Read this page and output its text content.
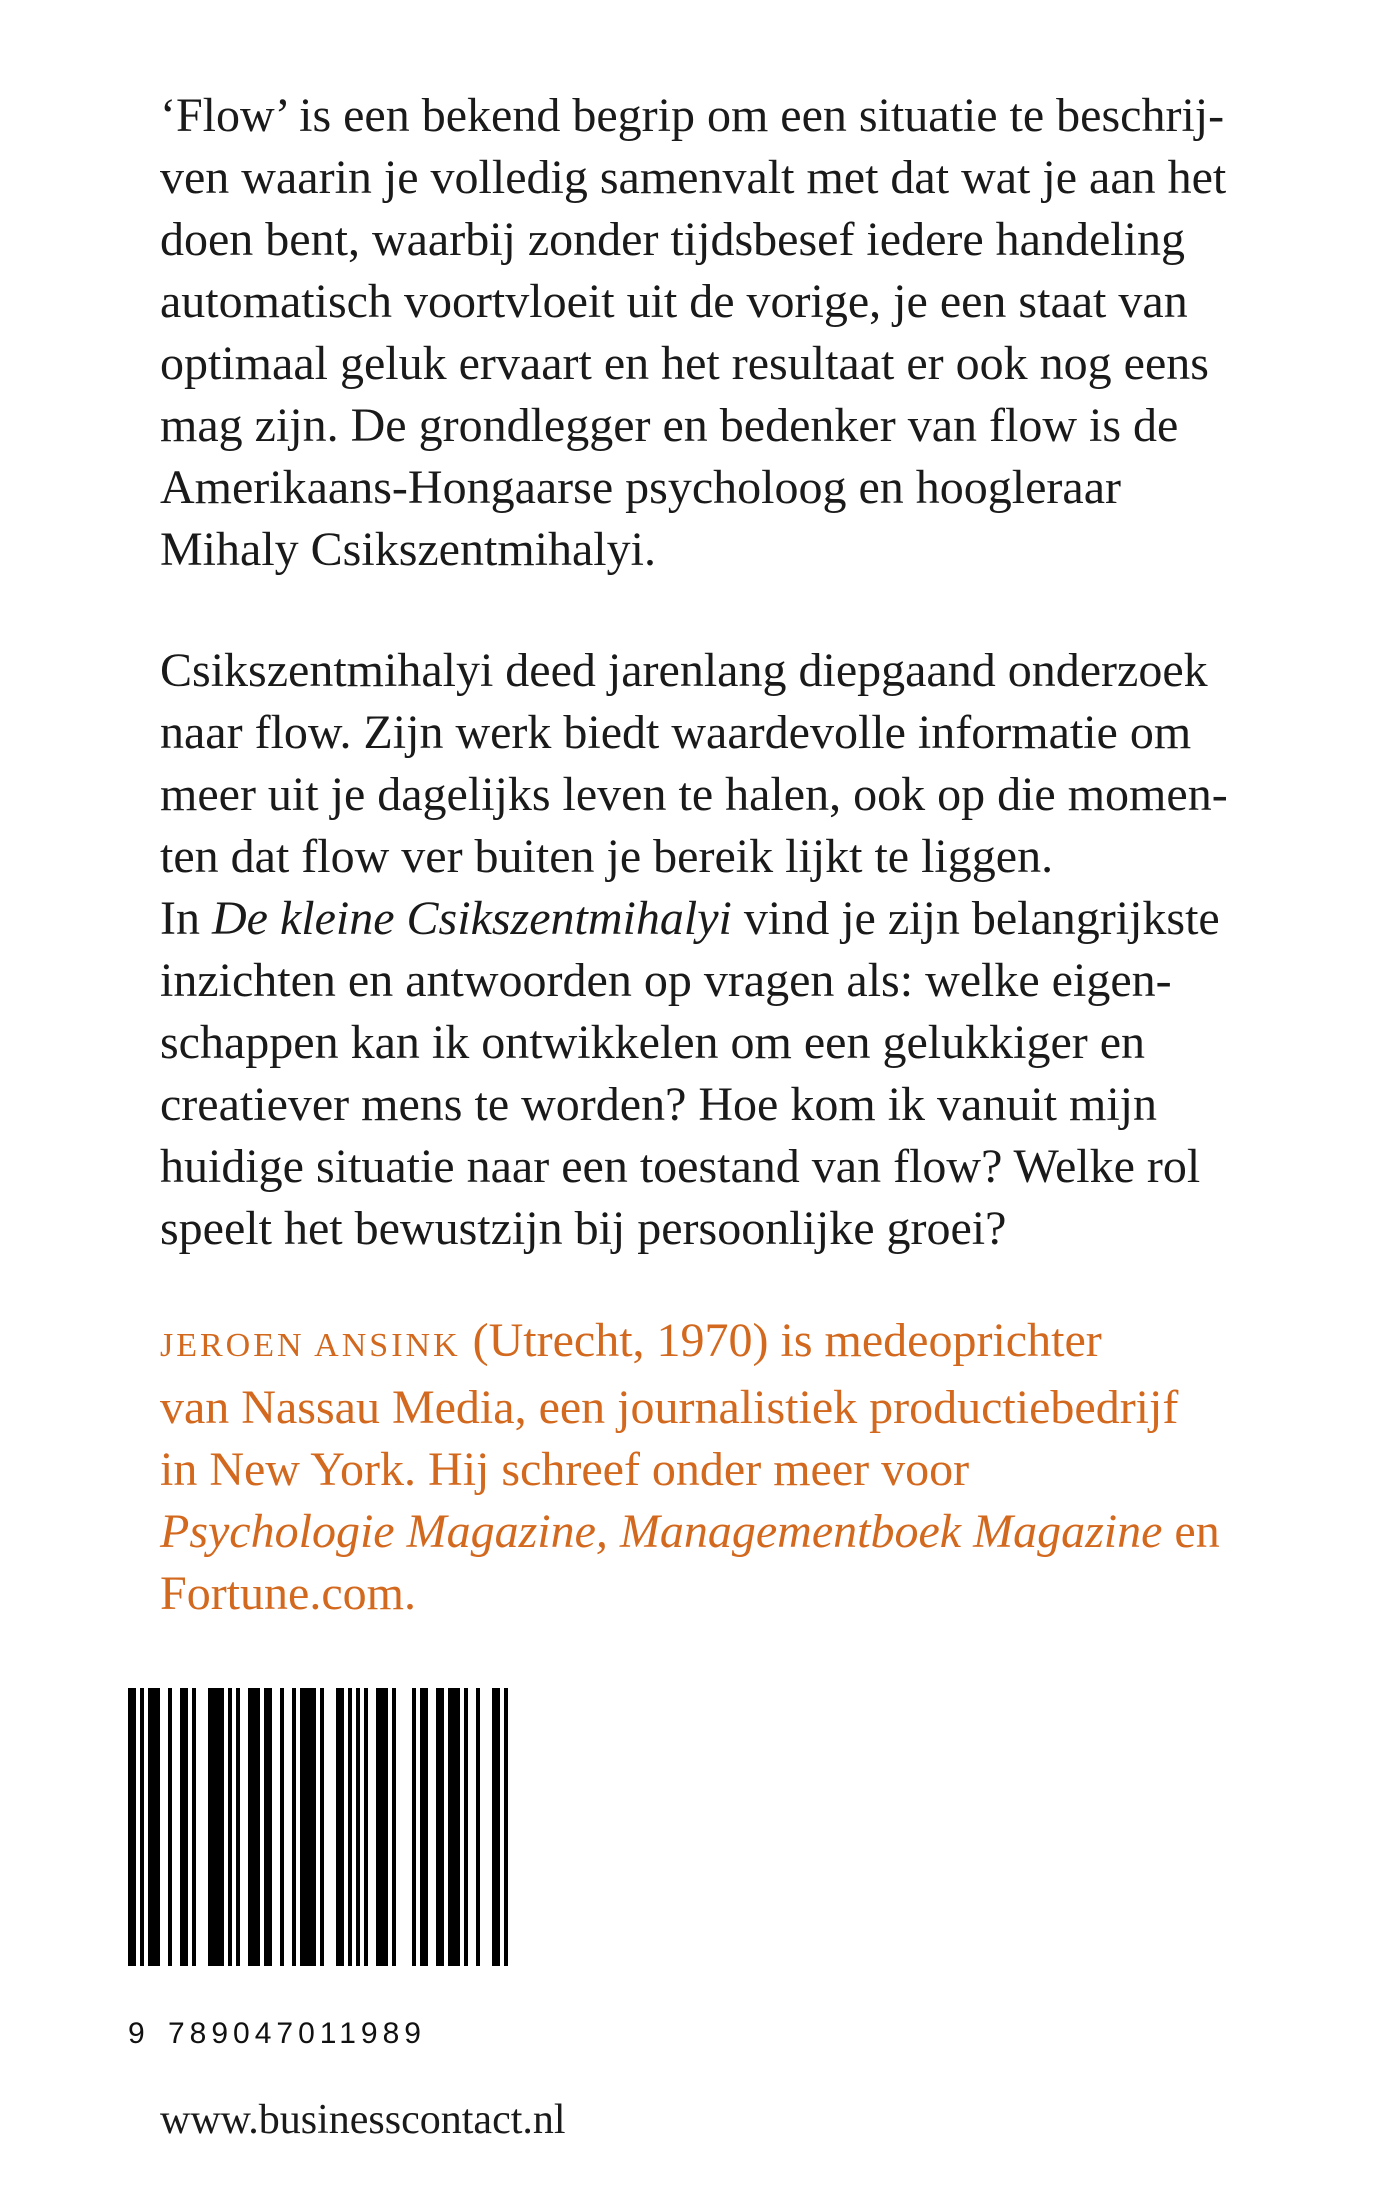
‘Flow’ is een bekend begrip om een situatie te beschrij-
ven waarin je volledig samenvalt met dat wat je aan het
doen bent, waarbij zonder tijdsbesef iedere handeling
automatisch voortvloeit uit de vorige, je een staat van
optimaal geluk ervaart en het resultaat er ook nog eens
mag zijn. De grondlegger en bedenker van flow is de
Amerikaans-Hongaarse psycholoog en hoogleraar
Mihaly Csikszentmihalyi.

Csikszentmihalyi deed jarenlang diepgaand onderzoek
naar flow. Zijn werk biedt waardevolle informatie om
meer uit je dagelijks leven te halen, ook op die momen-
ten dat flow ver buiten je bereik lijkt te liggen.
In De kleine Csikszentmihalyi vind je zijn belangrijkste
inzichten en antwoorden op vragen als: welke eigen-
schappen kan ik ontwikkelen om een gelukkiger en
creatiever mens te worden? Hoe kom ik vanuit mijn
huidige situatie naar een toestand van flow? Welke rol
speelt het bewustzijn bij persoonlijke groei?

JEROEN ANSINK (Utrecht, 1970) is medeoprichter
van Nassau Media, een journalistiek productiebedrijf
in New York. Hij schreef onder meer voor
Psychologie Magazine, Managementboek Magazine en
Fortune.com.

9 789047011989

www.businesscontact.nl
